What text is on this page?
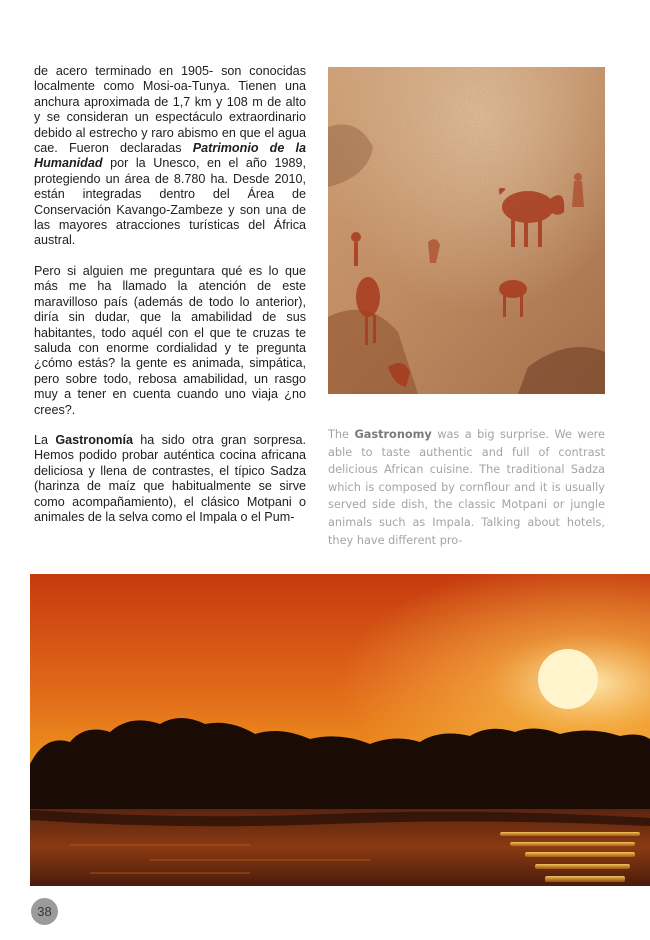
de acero terminado en 1905- son conocidas localmente como Mosi-oa-Tunya. Tienen una anchura aproximada de 1,7 km y 108 m de alto y se consideran un espectáculo extraordinario debido al estrecho y raro abismo en que el agua cae. Fueron declaradas Patrimonio de la Humanidad por la Unesco, en el año 1989, protegiendo un área de 8.780 ha. Desde 2010, están integradas dentro del Área de Conservación Kavango-Zambeze y son una de las mayores atracciones turísticas del África austral.

Pero si alguien me preguntara qué es lo que más me ha llamado la atención de este maravilloso país (además de todo lo anterior), diría sin dudar, que la amabilidad de sus habitantes, todo aquél con el que te cruzas te saluda con enorme cordialidad y te pregunta ¿cómo estás? la gente es animada, simpática, pero sobre todo, rebosa amabilidad, un rasgo muy a tener en cuenta cuando uno viaja ¿no crees?.

La Gastronomía ha sido otra gran sorpresa. Hemos podido probar auténtica cocina africana deliciosa y llena de contrastes, el típico Sadza (harinza de maíz que habitualmente se sirve como acompañamiento), el clásico Motpani o animales de la selva como el Impala o el Pum-

The Gastronomy was a big surprise. We were able to taste authentic and full of contrast delicious African cuisine. The traditional Sadza which is composed by cornflour and it is usually served side dish, the classic Motpani or jungle animals such as Impala. Talking about hotels, they have different pro-
38
